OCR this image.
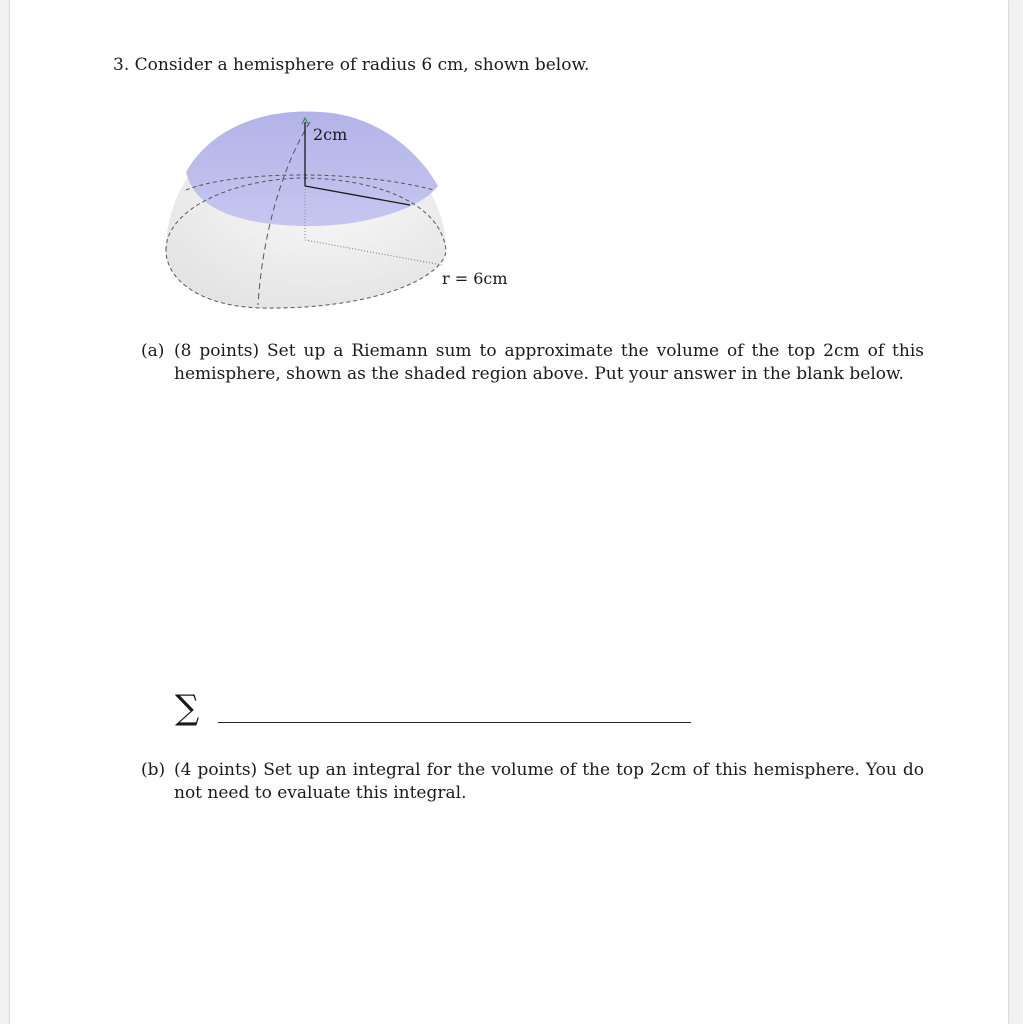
3. Consider a hemisphere of radius 6 cm, shown below.
2cm
r = 6cm
(a) (8 points) Set up a Riemann sum to approximate the volume of the top 2cm of this
hemisphere, shown as the shaded region above. Put your answer in the blank below.
∑
(b) (4 points) Set up an integral for the volume of the top 2cm of this hemisphere. You do
not need to evaluate this integral.
